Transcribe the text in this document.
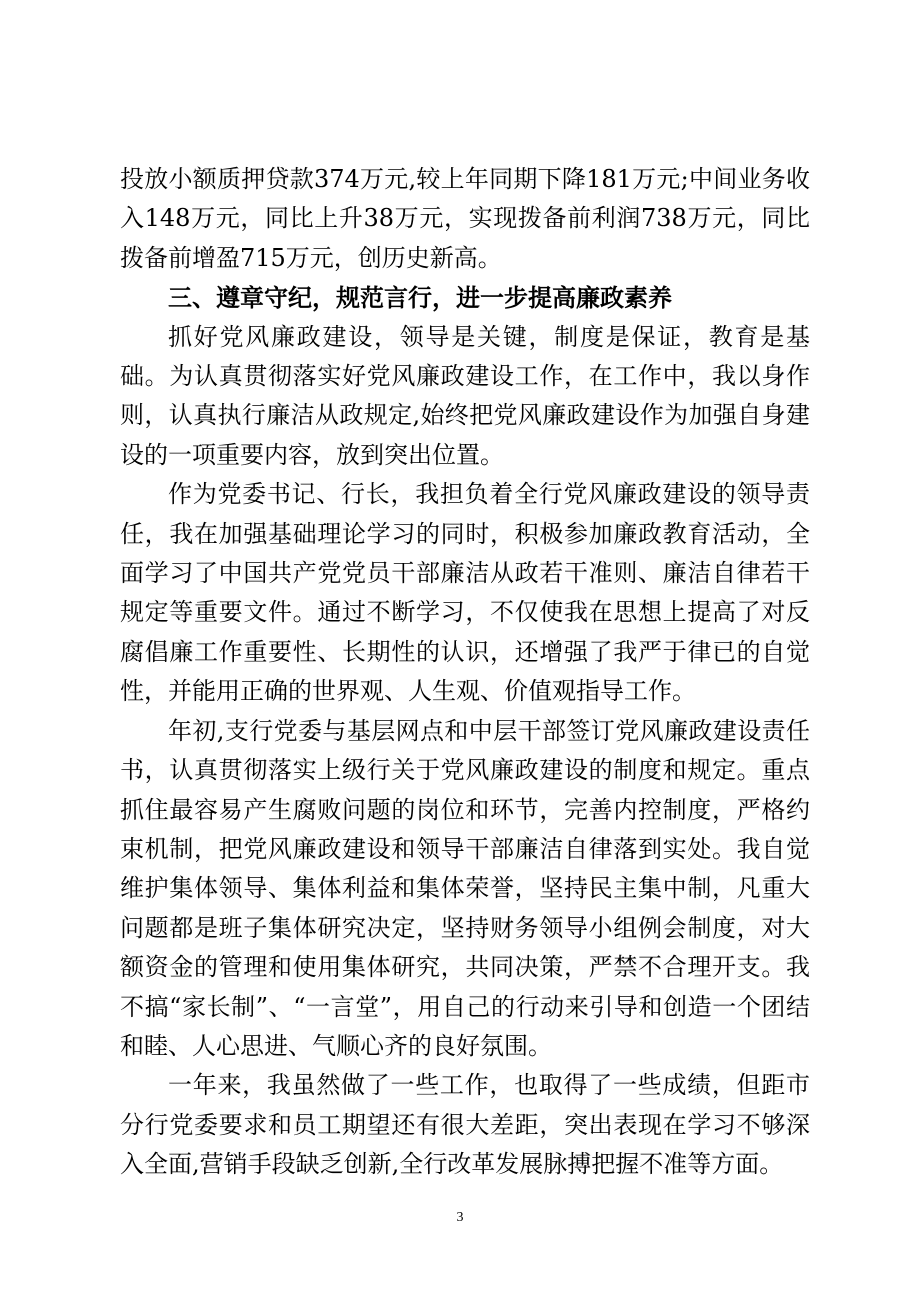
投放小额质押贷款374万元,较上年同期下降181万元;中间业务收入148万元，同比上升38万元，实现拨备前利润738万元，同比拨备前增盈715万元，创历史新高。

三、遵章守纪，规范言行，进一步提高廉政素养

抓好党风廉政建设，领导是关键，制度是保证，教育是基础。为认真贯彻落实好党风廉政建设工作，在工作中，我以身作则，认真执行廉洁从政规定,始终把党风廉政建设作为加强自身建设的一项重要内容，放到突出位置。

作为党委书记、行长，我担负着全行党风廉政建设的领导责任，我在加强基础理论学习的同时，积极参加廉政教育活动，全面学习了中国共产党党员干部廉洁从政若干准则、廉洁自律若干规定等重要文件。通过不断学习，不仅使我在思想上提高了对反腐倡廉工作重要性、长期性的认识，还增强了我严于律已的自觉性，并能用正确的世界观、人生观、价值观指导工作。

年初,支行党委与基层网点和中层干部签订党风廉政建设责任书，认真贯彻落实上级行关于党风廉政建设的制度和规定。重点抓住最容易产生腐败问题的岗位和环节，完善内控制度，严格约束机制，把党风廉政建设和领导干部廉洁自律落到实处。我自觉维护集体领导、集体利益和集体荣誉，坚持民主集中制，凡重大问题都是班子集体研究决定，坚持财务领导小组例会制度，对大额资金的管理和使用集体研究，共同决策，严禁不合理开支。我不搞“家长制”、“一言堂”，用自己的行动来引导和创造一个团结和睦、人心思进、气顺心齐的良好氛围。

一年来，我虽然做了一些工作，也取得了一些成绩，但距市分行党委要求和员工期望还有很大差距，突出表现在学习不够深入全面,营销手段缺乏创新,全行改革发展脉搏把握不准等方面。

3
